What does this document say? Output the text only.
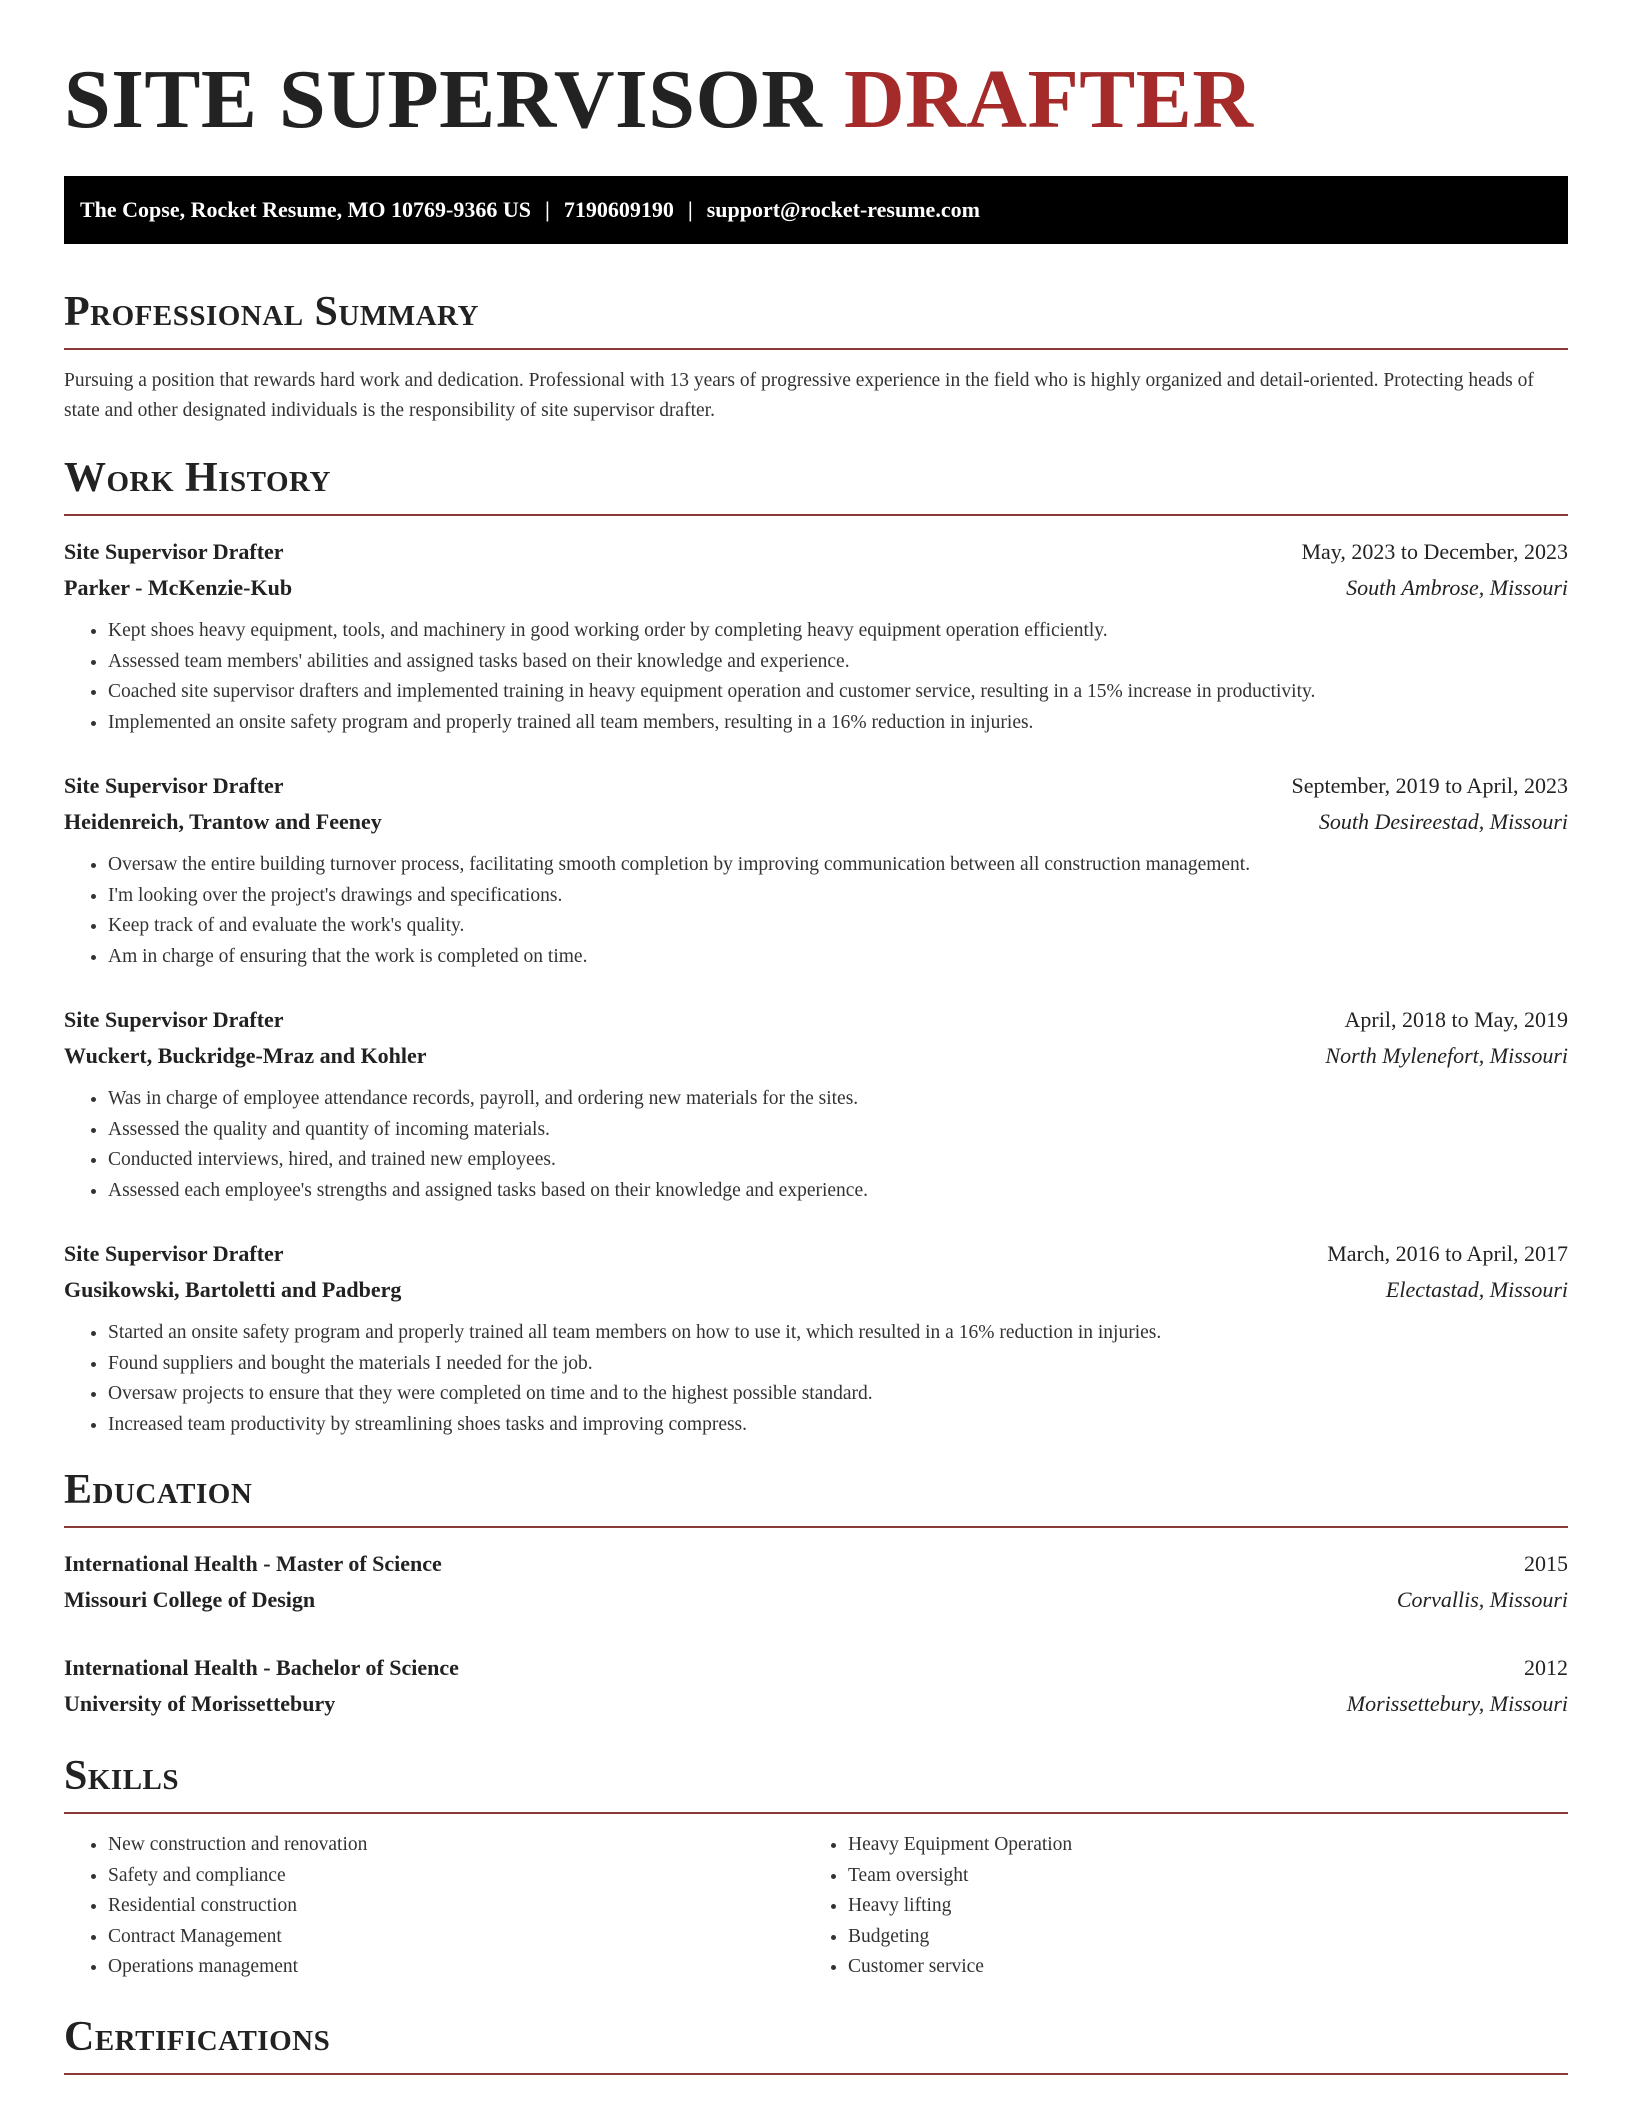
SITE SUPERVISOR DRAFTER
The Copse, Rocket Resume, MO 10769-9366 US | 7190609190 | support@rocket-resume.com
Professional Summary

Pursuing a position that rewards hard work and dedication. Professional with 13 years of progressive experience in the field who is highly organized and detail-oriented. Protecting heads of state and other designated individuals is the responsibility of site supervisor drafter.

Work History
Site Supervisor Drafter	May, 2023 to December, 2023
Parker - McKenzie-Kub	South Ambrose, Missouri
• Kept shoes heavy equipment, tools, and machinery in good working order by completing heavy equipment operation efficiently.
• Assessed team members' abilities and assigned tasks based on their knowledge and experience.
• Coached site supervisor drafters and implemented training in heavy equipment operation and customer service, resulting in a 15% increase in productivity.
• Implemented an onsite safety program and properly trained all team members, resulting in a 16% reduction in injuries.
Site Supervisor Drafter	September, 2019 to April, 2023
Heidenreich, Trantow and Feeney	South Desireestad, Missouri
• Oversaw the entire building turnover process, facilitating smooth completion by improving communication between all construction management.
• I'm looking over the project's drawings and specifications.
• Keep track of and evaluate the work's quality.
• Am in charge of ensuring that the work is completed on time.
Site Supervisor Drafter	April, 2018 to May, 2019
Wuckert, Buckridge-Mraz and Kohler	North Mylenefort, Missouri
• Was in charge of employee attendance records, payroll, and ordering new materials for the sites.
• Assessed the quality and quantity of incoming materials.
• Conducted interviews, hired, and trained new employees.
• Assessed each employee's strengths and assigned tasks based on their knowledge and experience.
Site Supervisor Drafter	March, 2016 to April, 2017
Gusikowski, Bartoletti and Padberg	Electastad, Missouri
• Started an onsite safety program and properly trained all team members on how to use it, which resulted in a 16% reduction in injuries.
• Found suppliers and bought the materials I needed for the job.
• Oversaw projects to ensure that they were completed on time and to the highest possible standard.
• Increased team productivity by streamlining shoes tasks and improving compress.
Education
International Health - Master of Science	2015
Missouri College of Design	Corvallis, Missouri
International Health - Bachelor of Science	2012
University of Morissettebury	Morissettebury, Missouri
Skills
• New construction and renovation
• Safety and compliance
• Residential construction
• Contract Management
• Operations management
• Heavy Equipment Operation
• Team oversight
• Heavy lifting
• Budgeting
• Customer service
Certifications
